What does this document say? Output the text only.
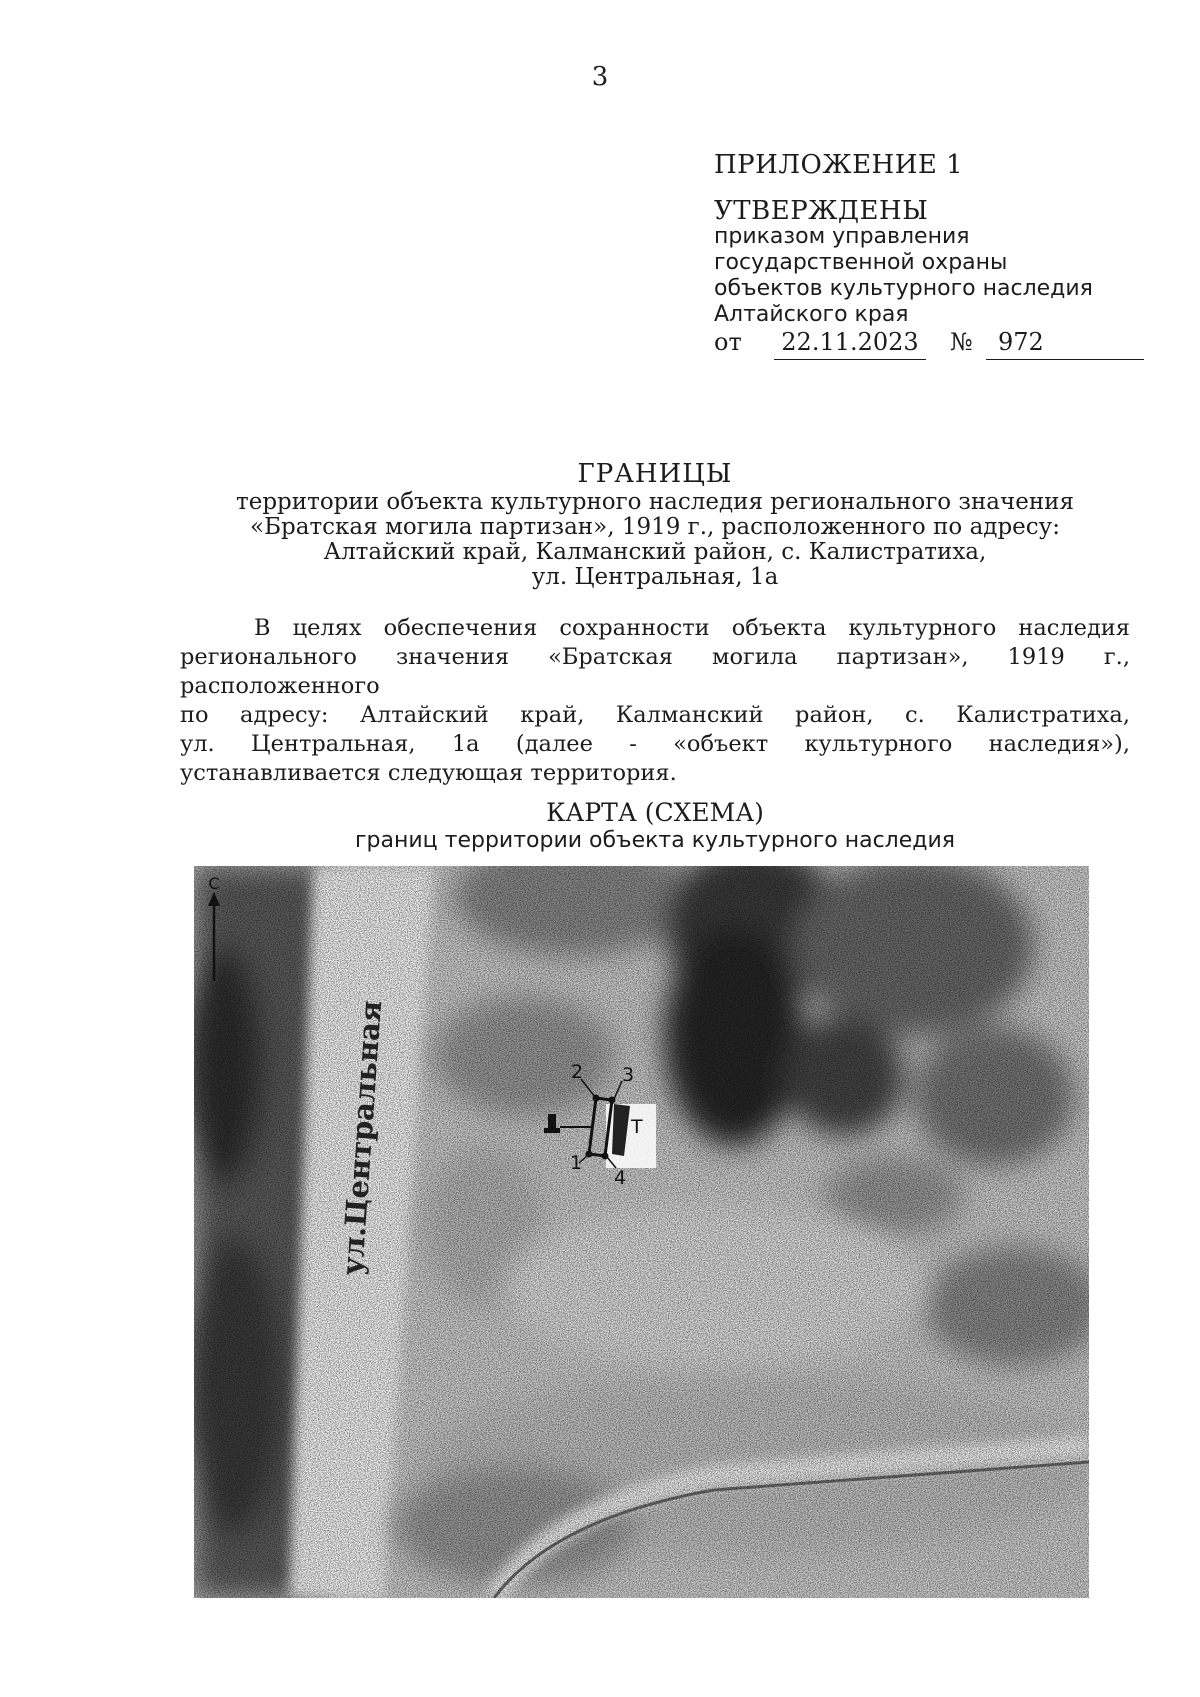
3
ПРИЛОЖЕНИЕ 1
УТВЕРЖДЕНЫ
приказом управления
государственной охраны
объектов культурного наследия
Алтайского края
от	22.11.2023	№	972
ГРАНИЦЫ
территории объекта культурного наследия регионального значения
«Братская могила партизан», 1919 г., расположенного по адресу:
Алтайский край, Калманский район, с. Калистратиха,
ул. Центральная, 1а
В целях обеспечения сохранности объекта культурного наследия
регионального значения «Братская могила партизан», 1919 г., расположенного
по адресу: Алтайский край, Калманский район, с. Калистратиха,
ул. Центральная, 1а (далее - «объект культурного наследия»),
устанавливается следующая территория.
КАРТА (СХЕМА)
границ территории объекта культурного наследия
С
ул.Центральная	2 3
1
4
Т
